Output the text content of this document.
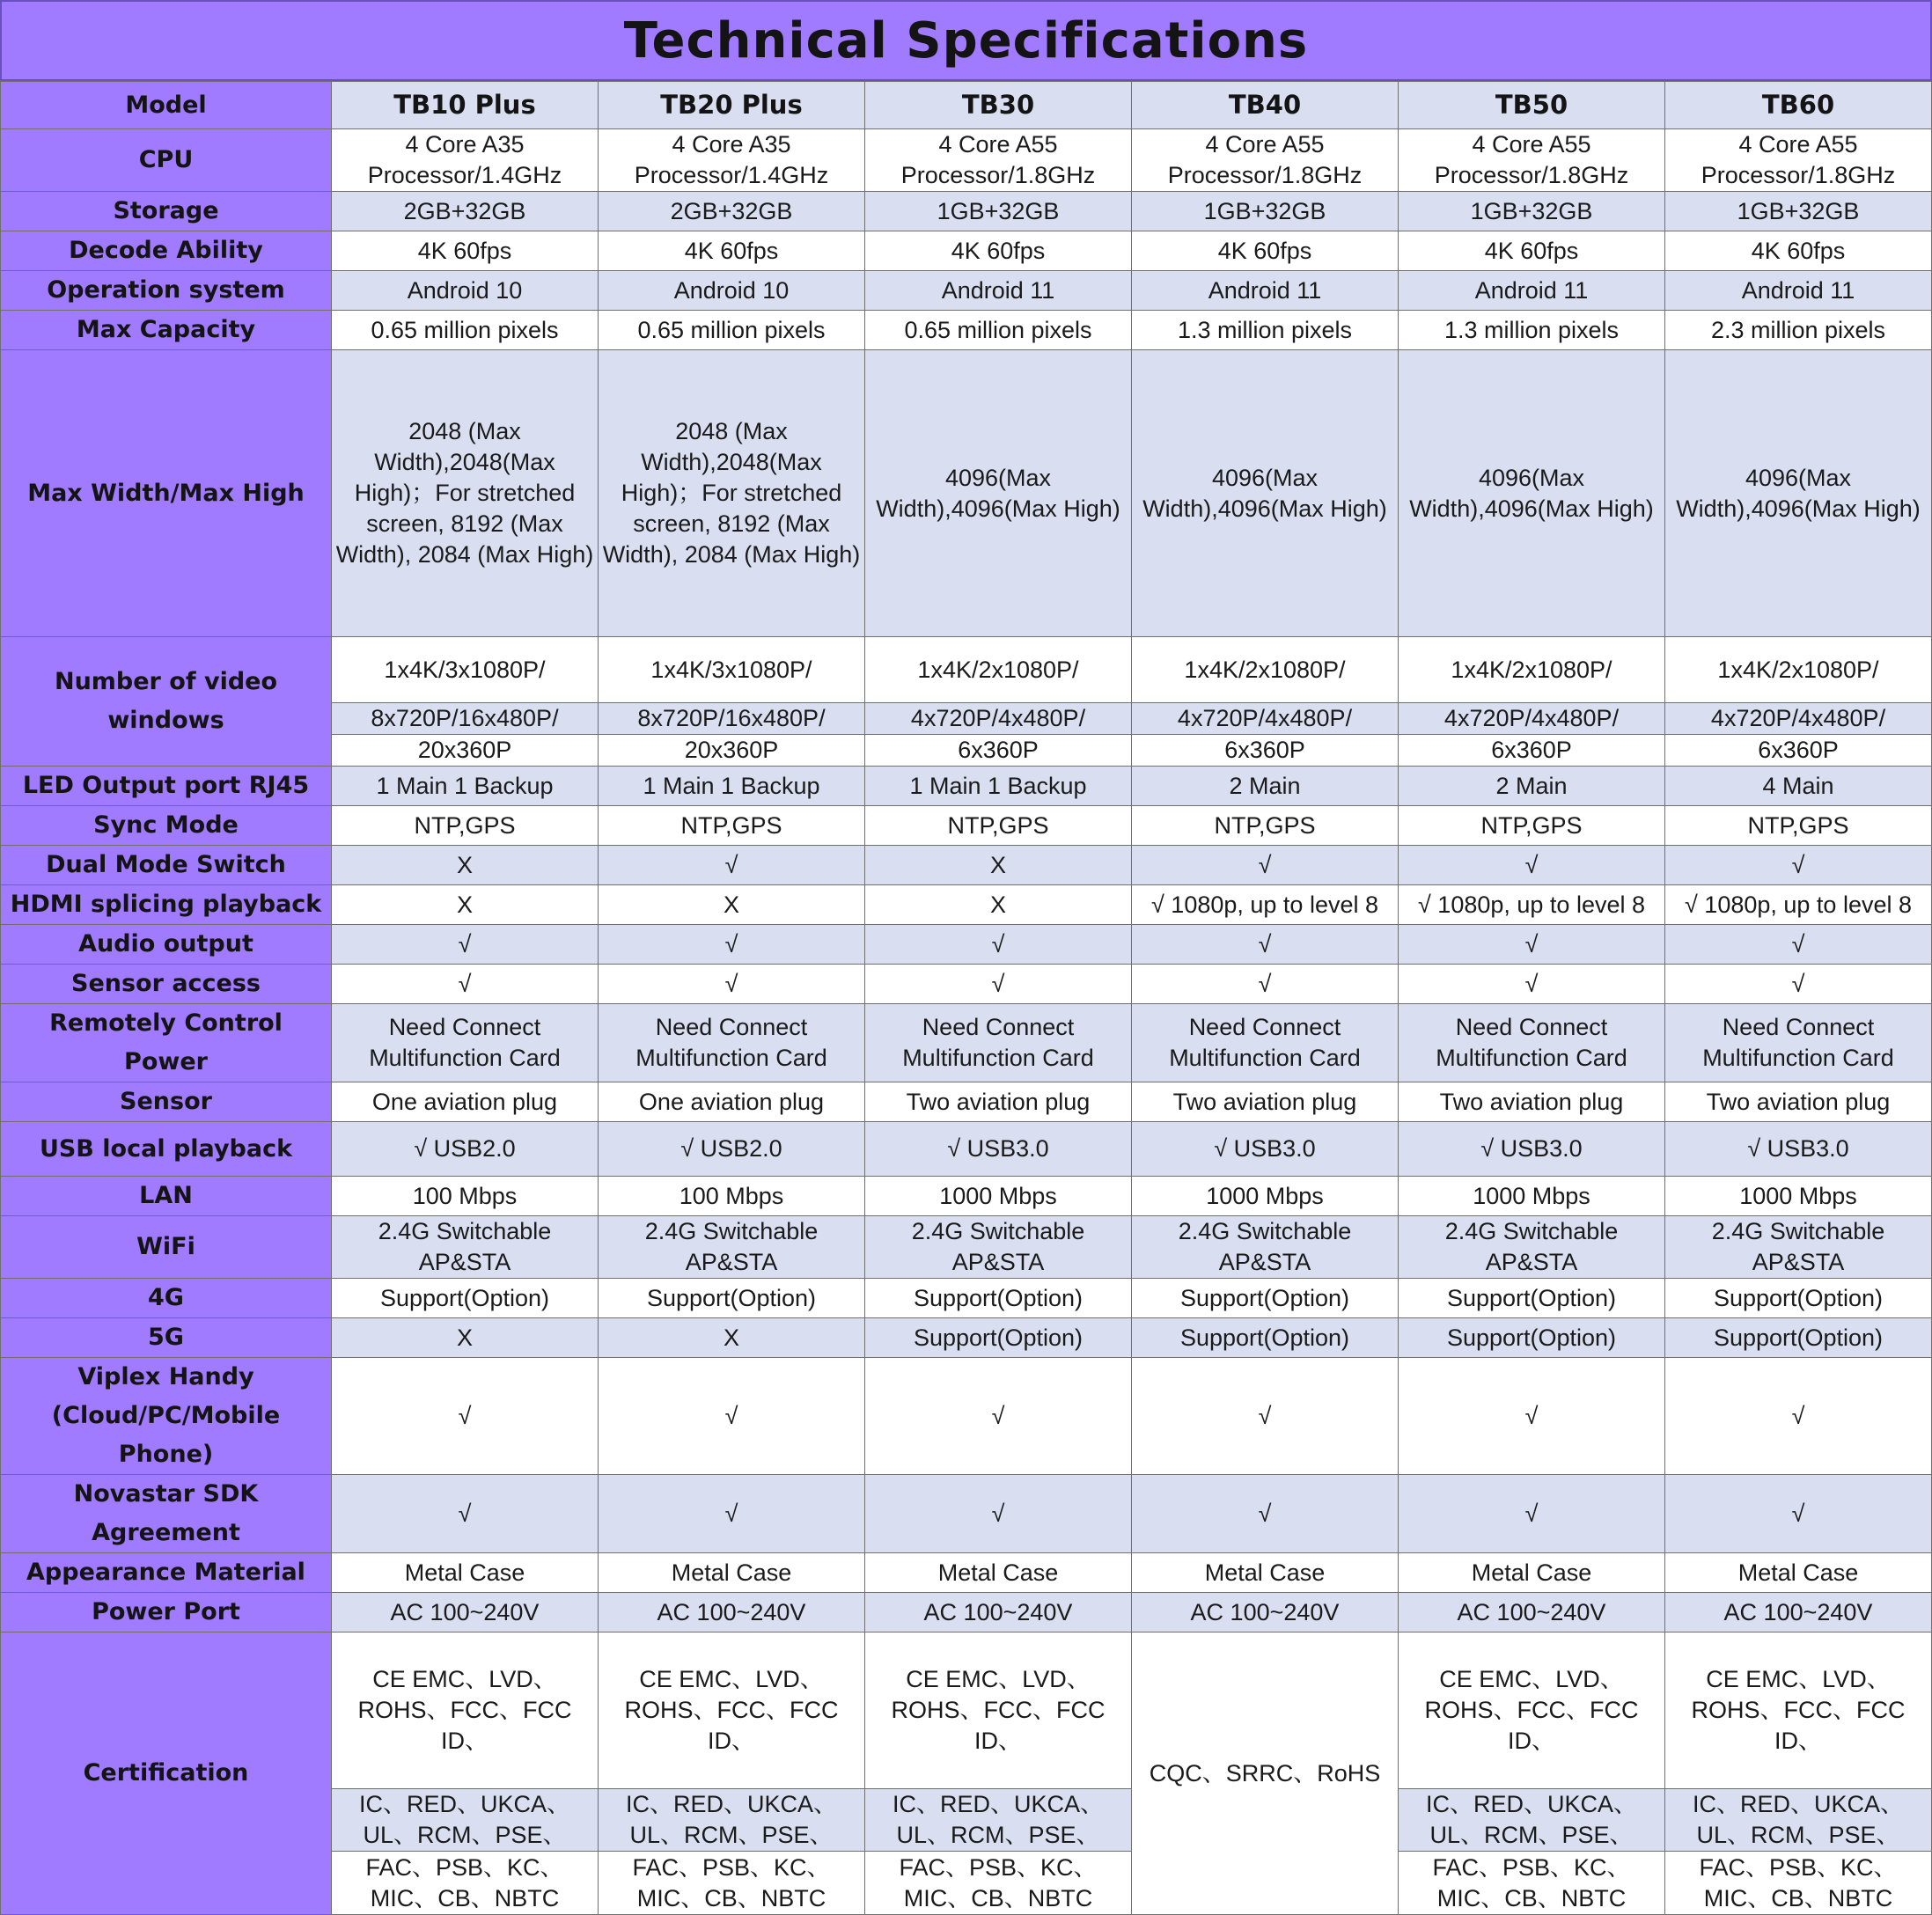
Technical Specifications
Model	TB10 Plus	TB20 Plus	TB30	TB40	TB50	TB60
CPU	4 Core A35 Processor/1.4GHz	4 Core A35 Processor/1.4GHz	4 Core A55 Processor/1.8GHz	4 Core A55 Processor/1.8GHz	4 Core A55 Processor/1.8GHz	4 Core A55 Processor/1.8GHz
Storage	2GB+32GB	2GB+32GB	1GB+32GB	1GB+32GB	1GB+32GB	1GB+32GB
Decode Ability	4K 60fps	4K 60fps	4K 60fps	4K 60fps	4K 60fps	4K 60fps
Operation system	Android 10	Android 10	Android 11	Android 11	Android 11	Android 11
Max Capacity	0.65 million pixels	0.65 million pixels	0.65 million pixels	1.3 million pixels	1.3 million pixels	2.3 million pixels
Max Width/Max High	2048 (Max Width),2048(Max High)；For stretched screen, 8192 (Max Width), 2084 (Max High)	2048 (Max Width),2048(Max High)；For stretched screen, 8192 (Max Width), 2084 (Max High)	4096(Max Width),4096(Max High)	4096(Max Width),4096(Max High)	4096(Max Width),4096(Max High)	4096(Max Width),4096(Max High)
Number of video windows	1x4K/3x1080P/	1x4K/3x1080P/	1x4K/2x1080P/	1x4K/2x1080P/	1x4K/2x1080P/	1x4K/2x1080P/
	8x720P/16x480P/	8x720P/16x480P/	4x720P/4x480P/	4x720P/4x480P/	4x720P/4x480P/	4x720P/4x480P/
	20x360P	20x360P	6x360P	6x360P	6x360P	6x360P
LED Output port RJ45	1 Main 1 Backup	1 Main 1 Backup	1 Main 1 Backup	2 Main	2 Main	4 Main
Sync Mode	NTP,GPS	NTP,GPS	NTP,GPS	NTP,GPS	NTP,GPS	NTP,GPS
Dual Mode Switch	X	√	X	√	√	√
HDMI splicing playback	X	X	X	√ 1080p, up to level 8	√ 1080p, up to level 8	√ 1080p, up to level 8
Audio output	√	√	√	√	√	√
Sensor access	√	√	√	√	√	√
Remotely Control Power	Need Connect Multifunction Card	Need Connect Multifunction Card	Need Connect Multifunction Card	Need Connect Multifunction Card	Need Connect Multifunction Card	Need Connect Multifunction Card
Sensor	One aviation plug	One aviation plug	Two aviation plug	Two aviation plug	Two aviation plug	Two aviation plug
USB local playback	√ USB2.0	√ USB2.0	√ USB3.0	√ USB3.0	√ USB3.0	√ USB3.0
LAN	100 Mbps	100 Mbps	1000 Mbps	1000 Mbps	1000 Mbps	1000 Mbps
WiFi	2.4G Switchable AP&STA	2.4G Switchable AP&STA	2.4G Switchable AP&STA	2.4G Switchable AP&STA	2.4G Switchable AP&STA	2.4G Switchable AP&STA
4G	Support(Option)	Support(Option)	Support(Option)	Support(Option)	Support(Option)	Support(Option)
5G	X	X	Support(Option)	Support(Option)	Support(Option)	Support(Option)
Viplex Handy (Cloud/PC/Mobile Phone)	√	√	√	√	√	√
Novastar SDK Agreement	√	√	√	√	√	√
Appearance Material	Metal Case	Metal Case	Metal Case	Metal Case	Metal Case	Metal Case
Power Port	AC 100~240V	AC 100~240V	AC 100~240V	AC 100~240V	AC 100~240V	AC 100~240V
Certification	CE EMC、LVD、ROHS、FCC、FCC ID、	CE EMC、LVD、ROHS、FCC、FCC ID、	CE EMC、LVD、ROHS、FCC、FCC ID、	CQC、SRRC、RoHS	CE EMC、LVD、ROHS、FCC、FCC ID、	CE EMC、LVD、ROHS、FCC、FCC ID、
	IC、RED、UKCA、UL、RCM、PSE、	IC、RED、UKCA、UL、RCM、PSE、	IC、RED、UKCA、UL、RCM、PSE、		IC、RED、UKCA、UL、RCM、PSE、	IC、RED、UKCA、UL、RCM、PSE、
	FAC、PSB、KC、MIC、CB、NBTC	FAC、PSB、KC、MIC、CB、NBTC	FAC、PSB、KC、MIC、CB、NBTC		FAC、PSB、KC、MIC、CB、NBTC	FAC、PSB、KC、MIC、CB、NBTC
